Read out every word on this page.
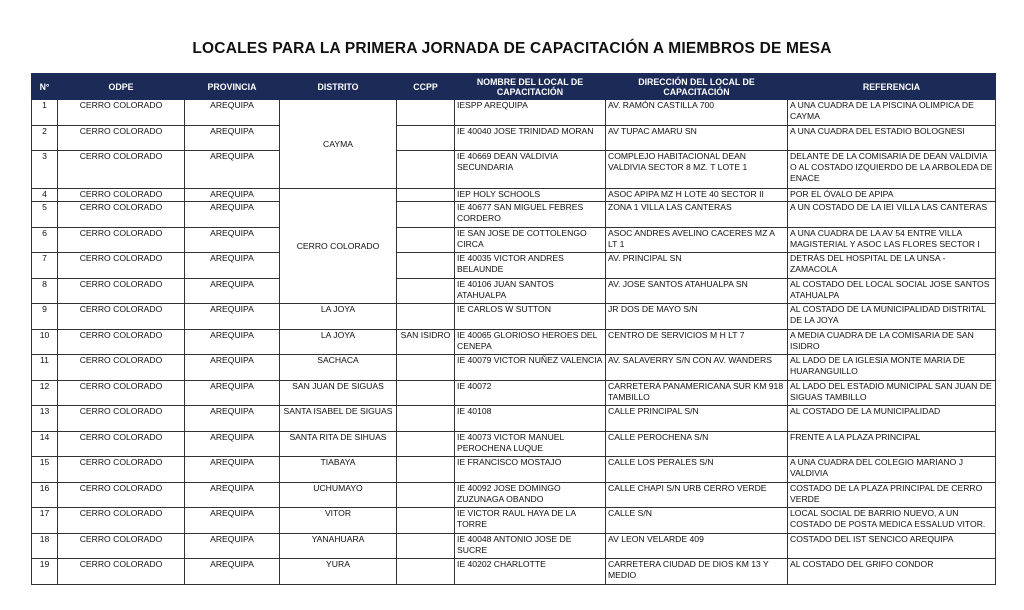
LOCALES PARA LA PRIMERA JORNADA DE CAPACITACIÓN A MIEMBROS DE MESA
N°	ODPE	PROVINCIA	DISTRITO	CCPP	NOMBRE DEL LOCAL DE CAPACITACIÓN	DIRECCIÓN DEL LOCAL DE CAPACITACIÓN	REFERENCIA
1	CERRO COLORADO	AREQUIPA	CAYMA		IESPP AREQUIPA	AV. RAMÓN CASTILLA 700	A UNA CUADRA DE LA PISCINA OLIMPICA DE CAYMA
2	CERRO COLORADO	AREQUIPA			IE 40040 JOSE TRINIDAD MORAN	AV TUPAC AMARU SN	A UNA CUADRA DEL ESTADIO BOLOGNESI
3	CERRO COLORADO	AREQUIPA			IE 40669 DEAN VALDIVIA SECUNDARIA	COMPLEJO HABITACIONAL DEAN VALDIVIA SECTOR 8 MZ. T LOTE 1	DELANTE DE LA COMISARIA DE DEAN VALDIVIA O AL COSTADO IZQUIERDO DE LA ARBOLEDA DE ENACE
4	CERRO COLORADO	AREQUIPA	CERRO COLORADO		IEP HOLY SCHOOLS	ASOC APIPA MZ H LOTE 40 SECTOR II	POR EL ÓVALO DE APIPA
5	CERRO COLORADO	AREQUIPA			IE 40677 SAN MIGUEL FEBRES CORDERO	ZONA 1 VILLA LAS CANTERAS	A UN COSTADO DE LA IEI VILLA LAS CANTERAS
6	CERRO COLORADO	AREQUIPA			IE SAN JOSE DE COTTOLENGO CIRCA	ASOC ANDRES AVELINO CACERES MZ A LT 1	A UNA CUADRA DE LA AV 54 ENTRE VILLA MAGISTERIAL Y ASOC LAS FLORES SECTOR I
7	CERRO COLORADO	AREQUIPA			IE 40035 VICTOR ANDRES BELAUNDE	AV. PRINCIPAL SN	DETRÁS DEL HOSPITAL DE LA UNSA - ZAMACOLA
8	CERRO COLORADO	AREQUIPA			IE 40106 JUAN SANTOS ATAHUALPA	AV. JOSE SANTOS ATAHUALPA SN	AL COSTADO DEL LOCAL SOCIAL JOSE SANTOS ATAHUALPA
9	CERRO COLORADO	AREQUIPA	LA JOYA		IE CARLOS W SUTTON	JR DOS DE MAYO S/N	AL COSTADO DE LA MUNICIPALIDAD DISTRITAL DE LA JOYA
10	CERRO COLORADO	AREQUIPA	LA JOYA	SAN ISIDRO	IE 40065 GLORIOSO HEROES DEL CENEPA	CENTRO DE SERVICIOS M H LT 7	A MEDIA CUADRA DE LA COMISARIA DE SAN ISIDRO
11	CERRO COLORADO	AREQUIPA	SACHACA		IE 40079 VICTOR NUÑEZ VALENCIA	AV. SALAVERRY S/N CON AV. WANDERS	AL LADO DE LA IGLESIA MONTE MARIA DE HUARANGUILLO
12	CERRO COLORADO	AREQUIPA	SAN JUAN DE SIGUAS		IE 40072	CARRETERA PANAMERICANA SUR KM 918 TAMBILLO	AL LADO DEL ESTADIO MUNICIPAL SAN JUAN DE SIGUAS TAMBILLO
13	CERRO COLORADO	AREQUIPA	SANTA ISABEL DE SIGUAS		IE 40108	CALLE PRINCIPAL S/N	AL COSTADO DE LA MUNICIPALIDAD
14	CERRO COLORADO	AREQUIPA	SANTA RITA DE SIHUAS		IE 40073 VICTOR MANUEL PEROCHENA LUQUE	CALLE PEROCHENA S/N	FRENTE A LA PLAZA PRINCIPAL
15	CERRO COLORADO	AREQUIPA	TIABAYA		IE FRANCISCO MOSTAJO	CALLE LOS PERALES S/N	A UNA CUADRA DEL COLEGIO MARIANO J VALDIVIA
16	CERRO COLORADO	AREQUIPA	UCHUMAYO		IE 40092 JOSE DOMINGO ZUZUNAGA OBANDO	CALLE CHAPI S/N URB CERRO VERDE	COSTADO DE LA PLAZA PRINCIPAL DE CERRO VERDE
17	CERRO COLORADO	AREQUIPA	VITOR		IE VICTOR RAUL HAYA DE LA TORRE	CALLE S/N	LOCAL SOCIAL DE BARRIO NUEVO, A UN COSTADO DE POSTA MEDICA ESSALUD VITOR.
18	CERRO COLORADO	AREQUIPA	YANAHUARA		IE 40048 ANTONIO JOSE DE SUCRE	AV LEON VELARDE 409	COSTADO DEL IST SENCICO AREQUIPA
19	CERRO COLORADO	AREQUIPA	YURA		IE 40202 CHARLOTTE	CARRETERA CIUDAD DE DIOS KM 13 Y MEDIO	AL COSTADO DEL GRIFO CONDOR
